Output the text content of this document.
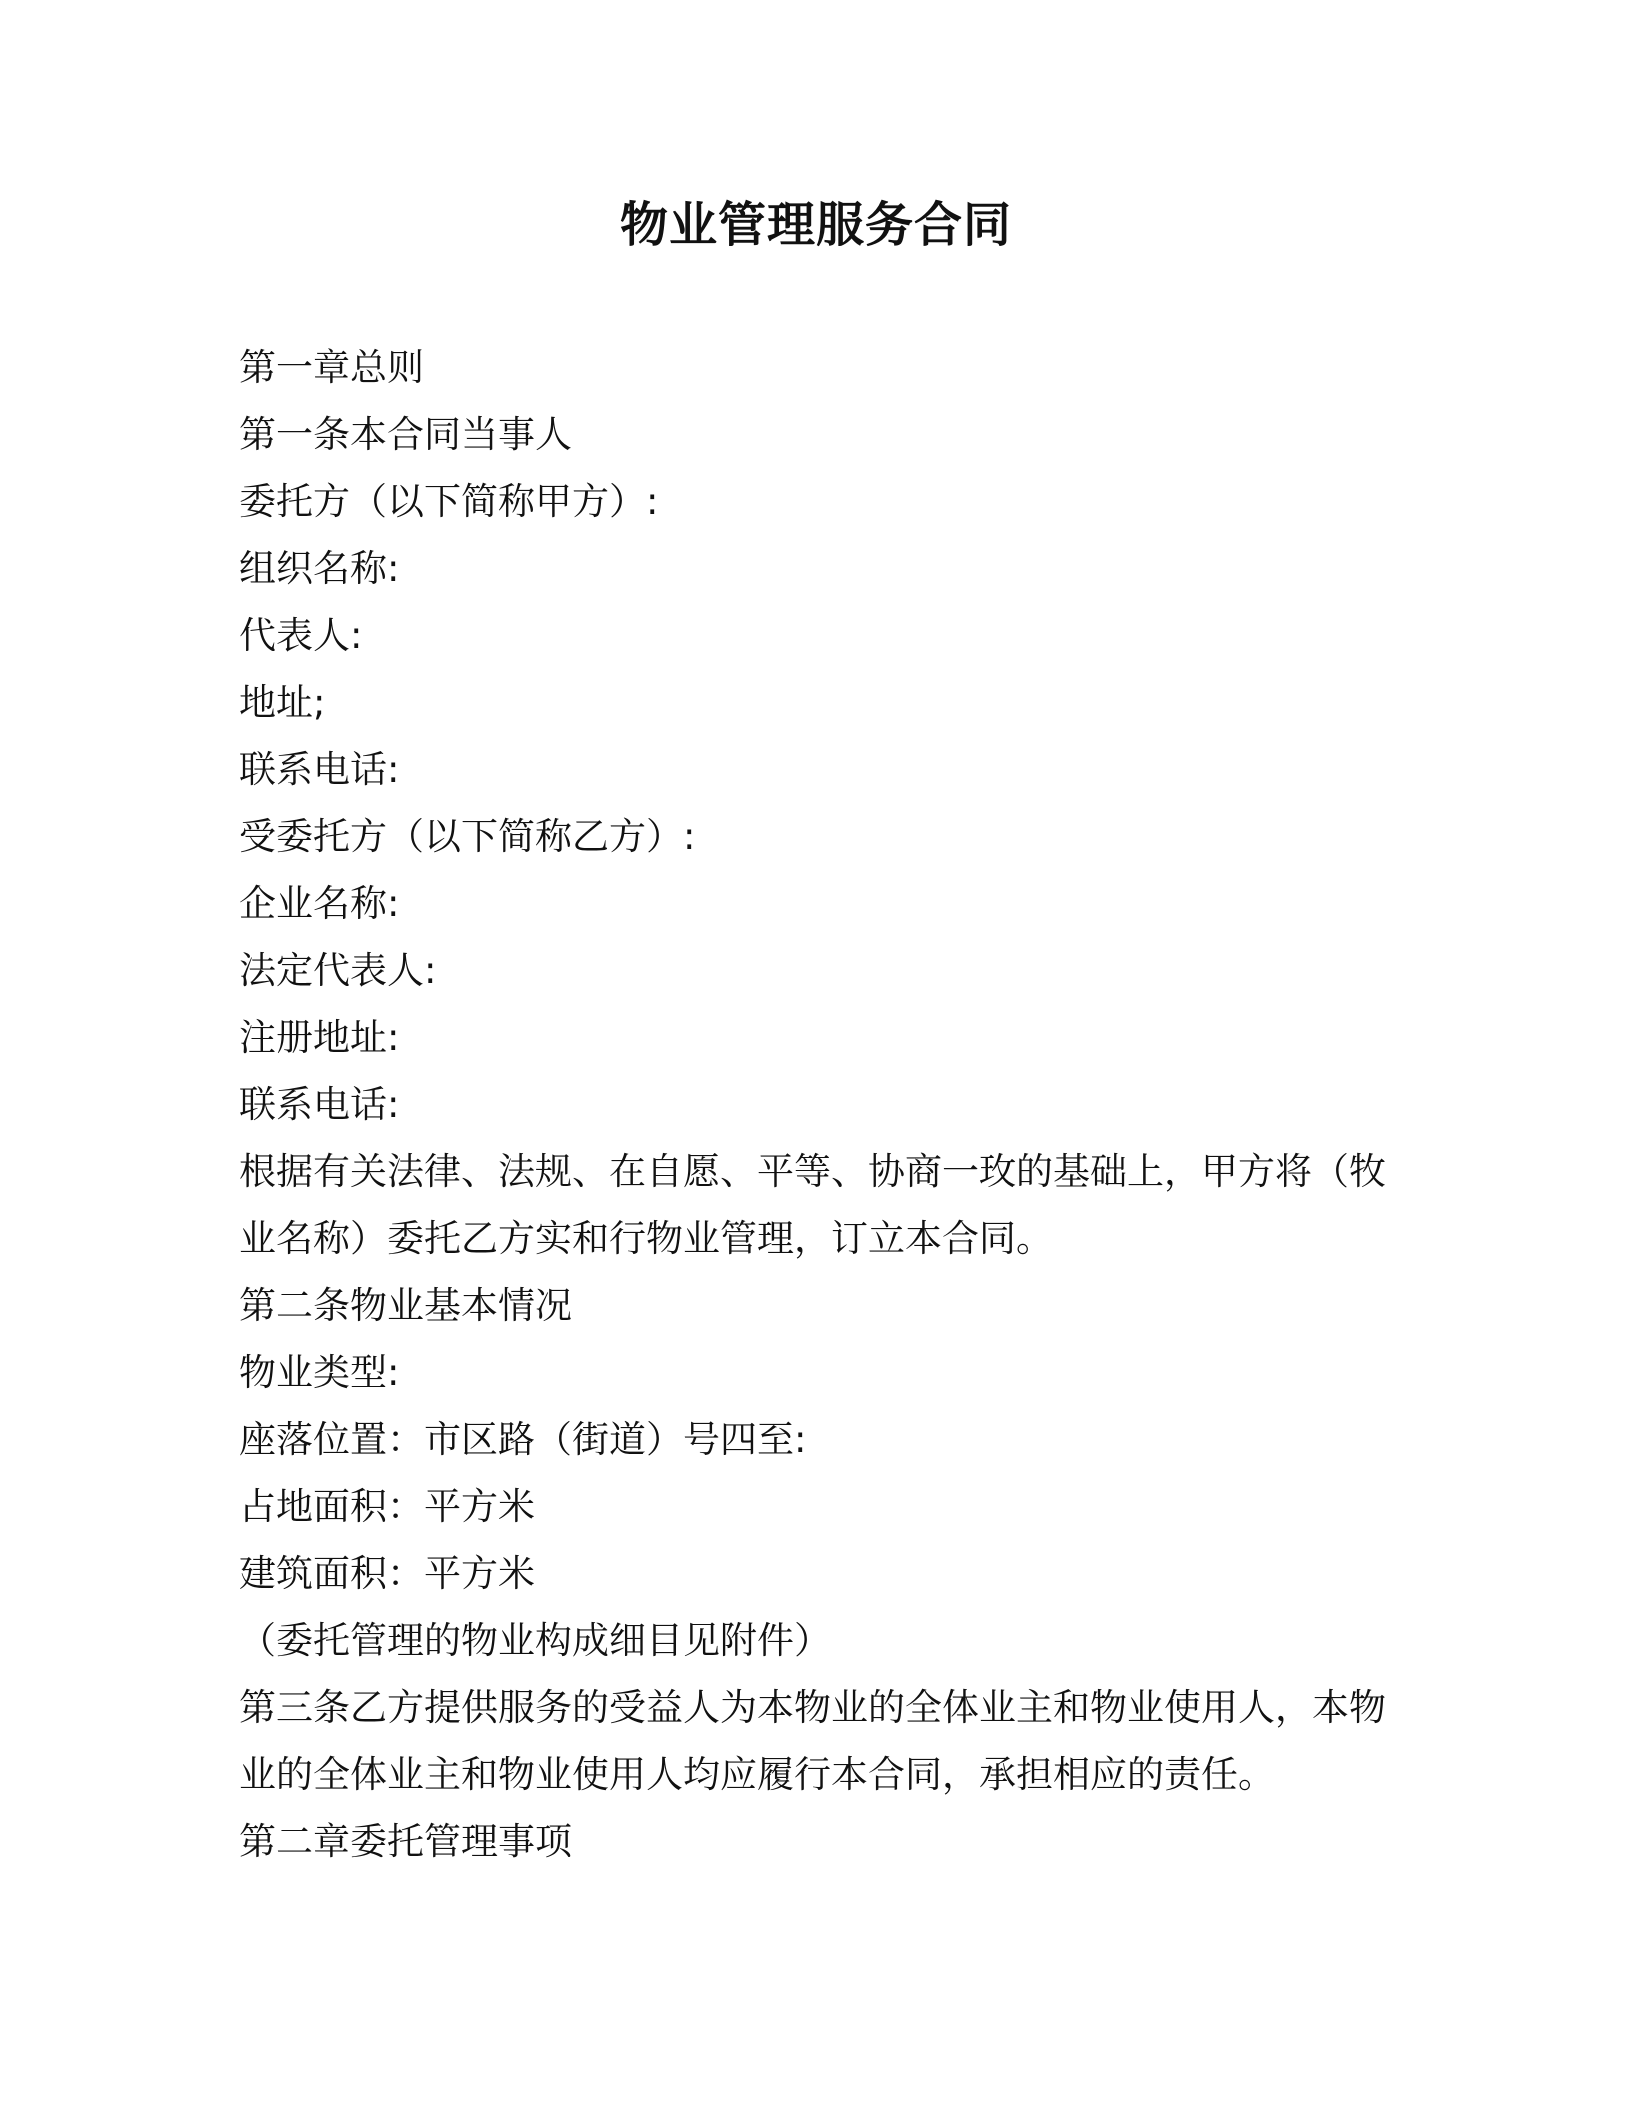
物业管理服务合同

第一章总则

第一条本合同当事人

委托方（以下简称甲方）:

组织名称:

代表人:

地址;

联系电话:

受委托方（以下简称乙方）:

企业名称:

法定代表人:

注册地址:

联系电话:

根据有关法律、法规、在自愿、平等、协商一玫的基础上，甲方将（牧业名称）委托乙方实和行物业管理，订立本合同。

第二条物业基本情况

物业类型:

座落位置：市区路（街道）号四至:

占地面积：平方米

建筑面积：平方米

（委托管理的物业构成细目见附件）

第三条乙方提供服务的受益人为本物业的全体业主和物业使用人，本物业的全体业主和物业使用人均应履行本合同，承担相应的责任。

第二章委托管理事项
